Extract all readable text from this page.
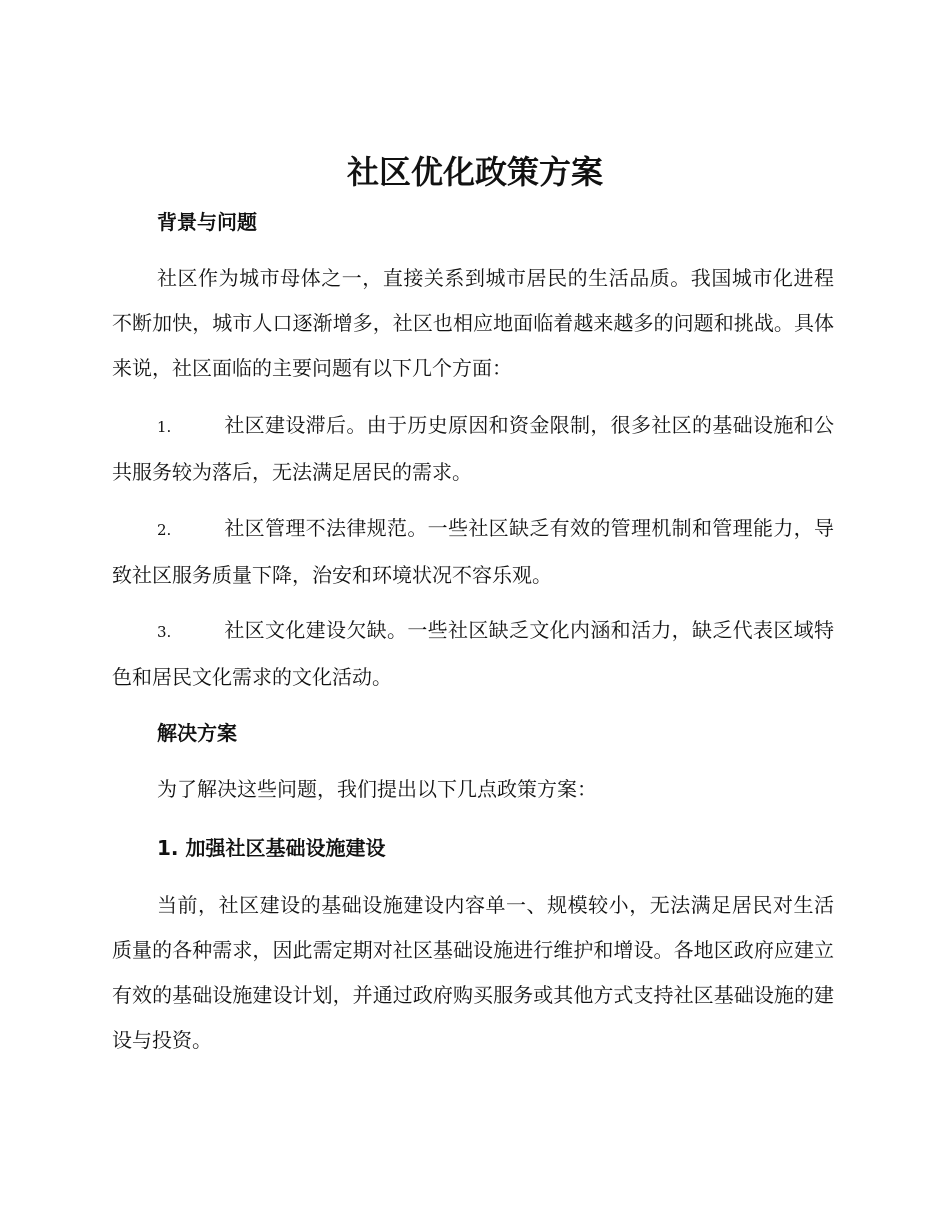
社区优化政策方案
背景与问题

社区作为城市母体之一，直接关系到城市居民的生活品质。我国城市化进程不断加快，城市人口逐渐增多，社区也相应地面临着越来越多的问题和挑战。具体来说，社区面临的主要问题有以下几个方面：

1.	社区建设滞后。由于历史原因和资金限制，很多社区的基础设施和公共服务较为落后，无法满足居民的需求。

2.	社区管理不法律规范。一些社区缺乏有效的管理机制和管理能力，导致社区服务质量下降，治安和环境状况不容乐观。

3.	社区文化建设欠缺。一些社区缺乏文化内涵和活力，缺乏代表区域特色和居民文化需求的文化活动。

解决方案

为了解决这些问题，我们提出以下几点政策方案：

1. 加强社区基础设施建设

当前，社区建设的基础设施建设内容单一、规模较小，无法满足居民对生活质量的各种需求，因此需定期对社区基础设施进行维护和增设。各地区政府应建立有效的基础设施建设计划，并通过政府购买服务或其他方式支持社区基础设施的建设与投资。
